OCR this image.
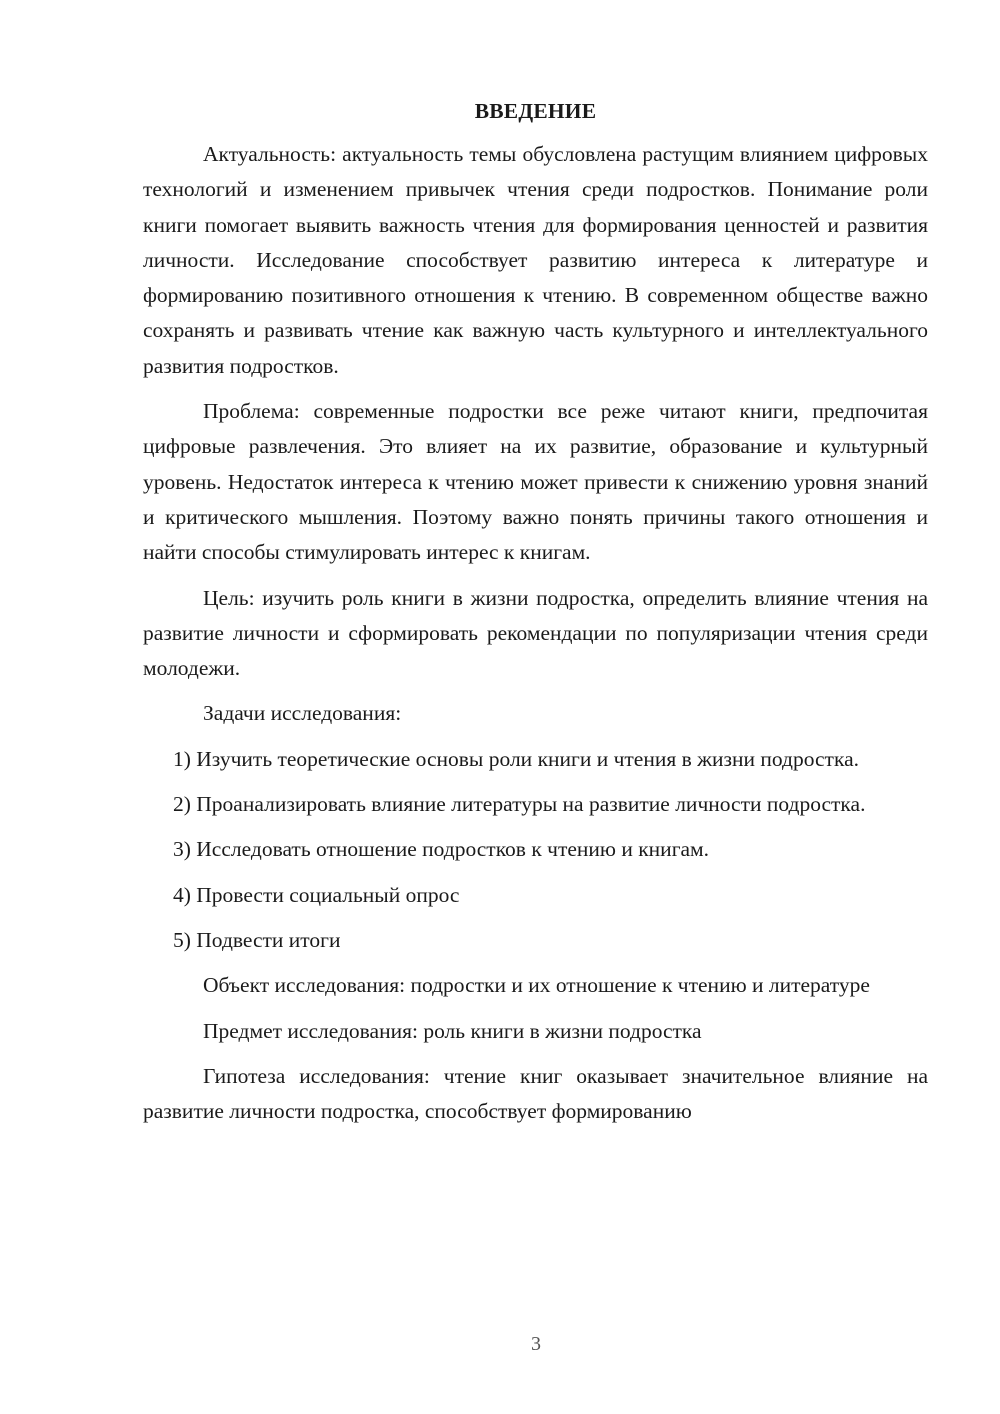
ВВЕДЕНИЕ

Актуальность: актуальность темы обусловлена растущим влиянием цифровых технологий и изменением привычек чтения среди подростков. Понимание роли книги помогает выявить важность чтения для формирования ценностей и развития личности. Исследование способствует развитию интереса к литературе и формированию позитивного отношения к чтению. В современном обществе важно сохранять и развивать чтение как важную часть культурного и интеллектуального развития подростков.

Проблема: современные подростки все реже читают книги, предпочитая цифровые развлечения. Это влияет на их развитие, образование и культурный уровень. Недостаток интереса к чтению может привести к снижению уровня знаний и критического мышления. Поэтому важно понять причины такого отношения и найти способы стимулировать интерес к книгам.

Цель: изучить роль книги в жизни подростка, определить влияние чтения на развитие личности и сформировать рекомендации по популяризации чтения среди молодежи.

Задачи исследования:

1) Изучить теоретические основы роли книги и чтения в жизни подростка.

2) Проанализировать влияние литературы на развитие личности подростка.

3) Исследовать отношение подростков к чтению и книгам.

4) Провести социальный опрос

5) Подвести итоги

Объект исследования: подростки и их отношение к чтению и литературе

Предмет исследования: роль книги в жизни подростка

Гипотеза исследования: чтение книг оказывает значительное влияние на развитие личности подростка, способствует формированию

3
